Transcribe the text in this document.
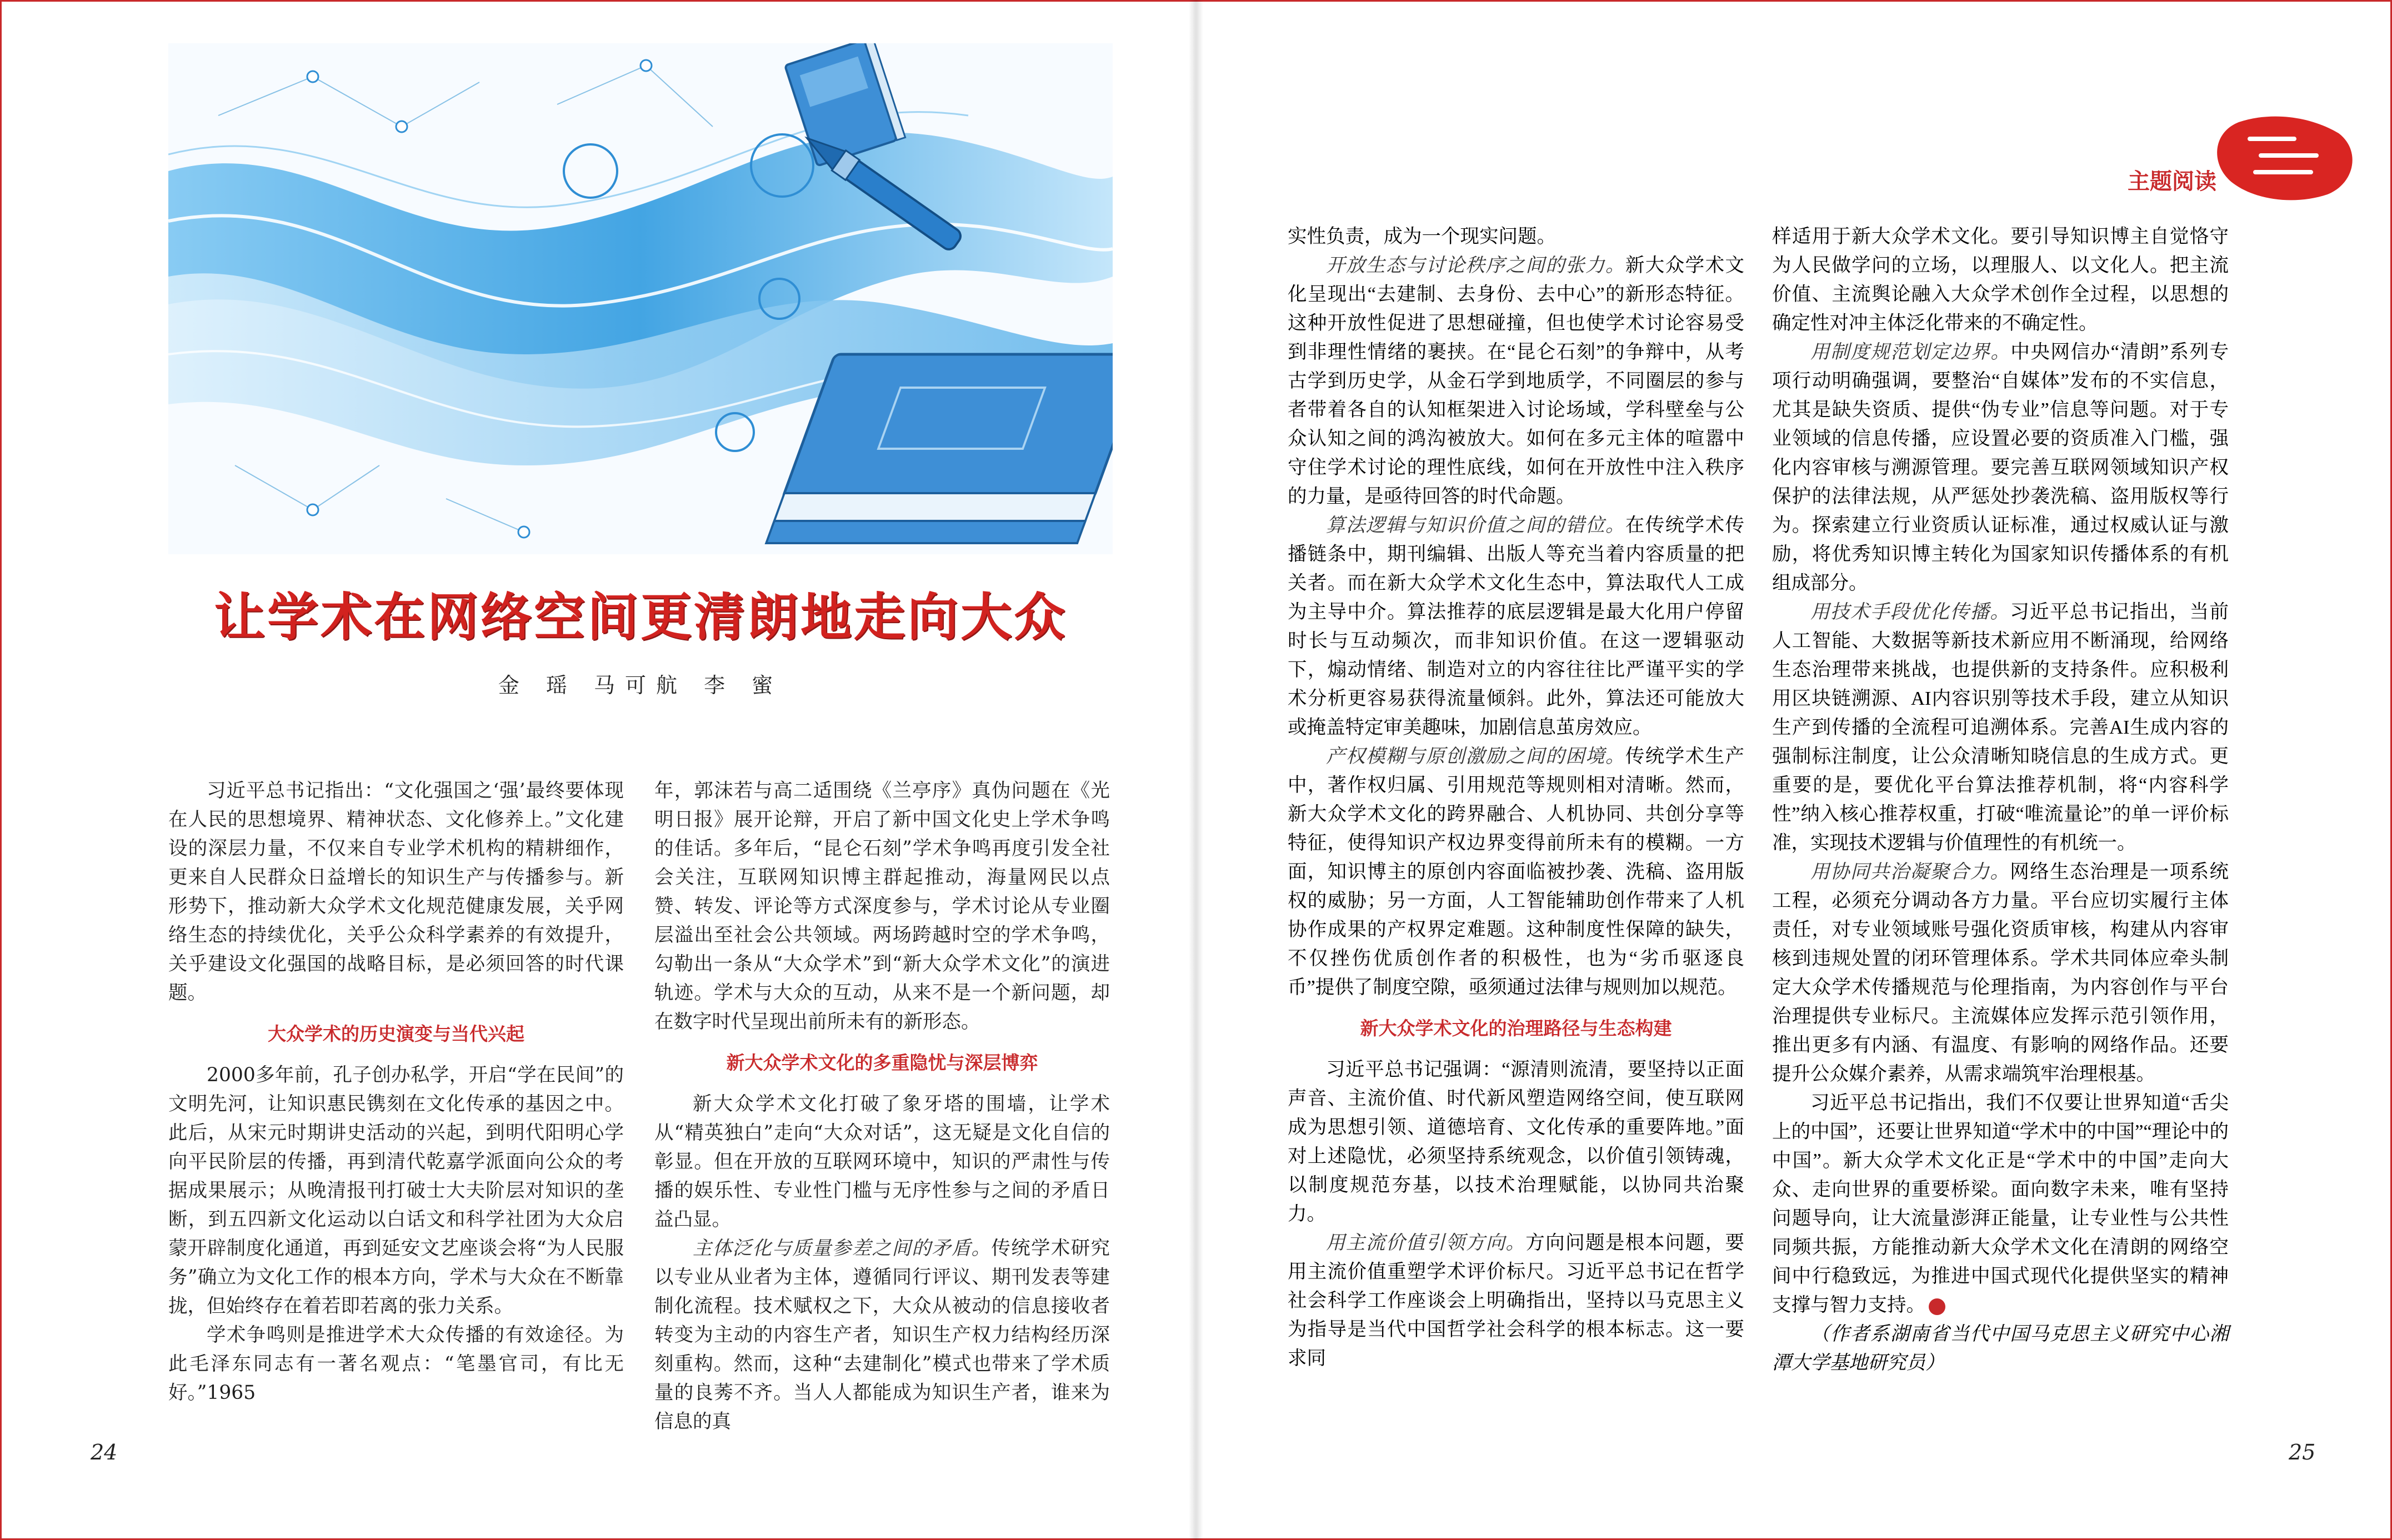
让学术在网络空间更清朗地走向大众
金 瑶 马可航 李 蜜

习近平总书记指出：“文化强国之‘强’最终要体现在人民的思想境界、精神状态、文化修养上。”文化建设的深层力量，不仅来自专业学术机构的精耕细作，更来自人民群众日益增长的知识生产与传播参与。新形势下，推动新大众学术文化规范健康发展，关乎网络生态的持续优化，关乎公众科学素养的有效提升，关乎建设文化强国的战略目标，是必须回答的时代课题。

大众学术的历史演变与当代兴起

2000多年前，孔子创办私学，开启“学在民间”的文明先河，让知识惠民镌刻在文化传承的基因之中。此后，从宋元时期讲史活动的兴起，到明代阳明心学向平民阶层的传播，再到清代乾嘉学派面向公众的考据成果展示；从晚清报刊打破士大夫阶层对知识的垄断，到五四新文化运动以白话文和科学社团为大众启蒙开辟制度化通道，再到延安文艺座谈会将“为人民服务”确立为文化工作的根本方向，学术与大众在不断靠拢，但始终存在着若即若离的张力关系。

学术争鸣则是推进学术大众传播的有效途径。为此毛泽东同志有一著名观点：“笔墨官司，有比无好。”1965

年，郭沫若与高二适围绕《兰亭序》真伪问题在《光明日报》展开论辩，开启了新中国文化史上学术争鸣的佳话。多年后，“昆仑石刻”学术争鸣再度引发全社会关注，互联网知识博主群起推动，海量网民以点赞、转发、评论等方式深度参与，学术讨论从专业圈层溢出至社会公共领域。两场跨越时空的学术争鸣，勾勒出一条从“大众学术”到“新大众学术文化”的演进轨迹。学术与大众的互动，从来不是一个新问题，却在数字时代呈现出前所未有的新形态。

新大众学术文化的多重隐忧与深层博弈

新大众学术文化打破了象牙塔的围墙，让学术从“精英独白”走向“大众对话”，这无疑是文化自信的彰显。但在开放的互联网环境中，知识的严肃性与传播的娱乐性、专业性门槛与无序性参与之间的矛盾日益凸显。

主体泛化与质量参差之间的矛盾。传统学术研究以专业从业者为主体，遵循同行评议、期刊发表等建制化流程。技术赋权之下，大众从被动的信息接收者转变为主动的内容生产者，知识生产权力结构经历深刻重构。然而，这种“去建制化”模式也带来了学术质量的良莠不齐。当人人都能成为知识生产者，谁来为信息的真

24	25
主题阅读

实性负责，成为一个现实问题。

开放生态与讨论秩序之间的张力。新大众学术文化呈现出“去建制、去身份、去中心”的新形态特征。这种开放性促进了思想碰撞，但也使学术讨论容易受到非理性情绪的裹挟。在“昆仑石刻”的争辩中，从考古学到历史学，从金石学到地质学，不同圈层的参与者带着各自的认知框架进入讨论场域，学科壁垒与公众认知之间的鸿沟被放大。如何在多元主体的喧嚣中守住学术讨论的理性底线，如何在开放性中注入秩序的力量，是亟待回答的时代命题。

算法逻辑与知识价值之间的错位。在传统学术传播链条中，期刊编辑、出版人等充当着内容质量的把关者。而在新大众学术文化生态中，算法取代人工成为主导中介。算法推荐的底层逻辑是最大化用户停留时长与互动频次，而非知识价值。在这一逻辑驱动下，煽动情绪、制造对立的内容往往比严谨平实的学术分析更容易获得流量倾斜。此外，算法还可能放大或掩盖特定审美趣味，加剧信息茧房效应。

产权模糊与原创激励之间的困境。传统学术生产中，著作权归属、引用规范等规则相对清晰。然而，新大众学术文化的跨界融合、人机协同、共创分享等特征，使得知识产权边界变得前所未有的模糊。一方面，知识博主的原创内容面临被抄袭、洗稿、盗用版权的威胁；另一方面，人工智能辅助创作带来了人机协作成果的产权界定难题。这种制度性保障的缺失，不仅挫伤优质创作者的积极性，也为“劣币驱逐良币”提供了制度空隙，亟须通过法律与规则加以规范。

新大众学术文化的治理路径与生态构建

习近平总书记强调：“源清则流清，要坚持以正面声音、主流价值、时代新风塑造网络空间，使互联网成为思想引领、道德培育、文化传承的重要阵地。”面对上述隐忧，必须坚持系统观念，以价值引领铸魂，以制度规范夯基，以技术治理赋能，以协同共治聚力。

用主流价值引领方向。方向问题是根本问题，要用主流价值重塑学术评价标尺。习近平总书记在哲学社会科学工作座谈会上明确指出，坚持以马克思主义为指导是当代中国哲学社会科学的根本标志。这一要求同

样适用于新大众学术文化。要引导知识博主自觉恪守为人民做学问的立场，以理服人、以文化人。把主流价值、主流舆论融入大众学术创作全过程，以思想的确定性对冲主体泛化带来的不确定性。

用制度规范划定边界。中央网信办“清朗”系列专项行动明确强调，要整治“自媒体”发布的不实信息，尤其是缺失资质、提供“伪专业”信息等问题。对于专业领域的信息传播，应设置必要的资质准入门槛，强化内容审核与溯源管理。要完善互联网领域知识产权保护的法律法规，从严惩处抄袭洗稿、盗用版权等行为。探索建立行业资质认证标准，通过权威认证与激励，将优秀知识博主转化为国家知识传播体系的有机组成部分。

用技术手段优化传播。习近平总书记指出，当前人工智能、大数据等新技术新应用不断涌现，给网络生态治理带来挑战，也提供新的支持条件。应积极利用区块链溯源、AI内容识别等技术手段，建立从知识生产到传播的全流程可追溯体系。完善AI生成内容的强制标注制度，让公众清晰知晓信息的生成方式。更重要的是，要优化平台算法推荐机制，将“内容科学性”纳入核心推荐权重，打破“唯流量论”的单一评价标准，实现技术逻辑与价值理性的有机统一。

用协同共治凝聚合力。网络生态治理是一项系统工程，必须充分调动各方力量。平台应切实履行主体责任，对专业领域账号强化资质审核，构建从内容审核到违规处置的闭环管理体系。学术共同体应牵头制定大众学术传播规范与伦理指南，为内容创作与平台治理提供专业标尺。主流媒体应发挥示范引领作用，推出更多有内涵、有温度、有影响的网络作品。还要提升公众媒介素养，从需求端筑牢治理根基。

习近平总书记指出，我们不仅要让世界知道“舌尖上的中国”，还要让世界知道“学术中的中国”“理论中的中国”。新大众学术文化正是“学术中的中国”走向大众、走向世界的重要桥梁。面向数字未来，唯有坚持问题导向，让大流量澎湃正能量，让专业性与公共性同频共振，方能推动新大众学术文化在清朗的网络空间中行稳致远，为推进中国式现代化提供坚实的精神支撑与智力支持。

（作者系湖南省当代中国马克思主义研究中心湘潭大学基地研究员）
